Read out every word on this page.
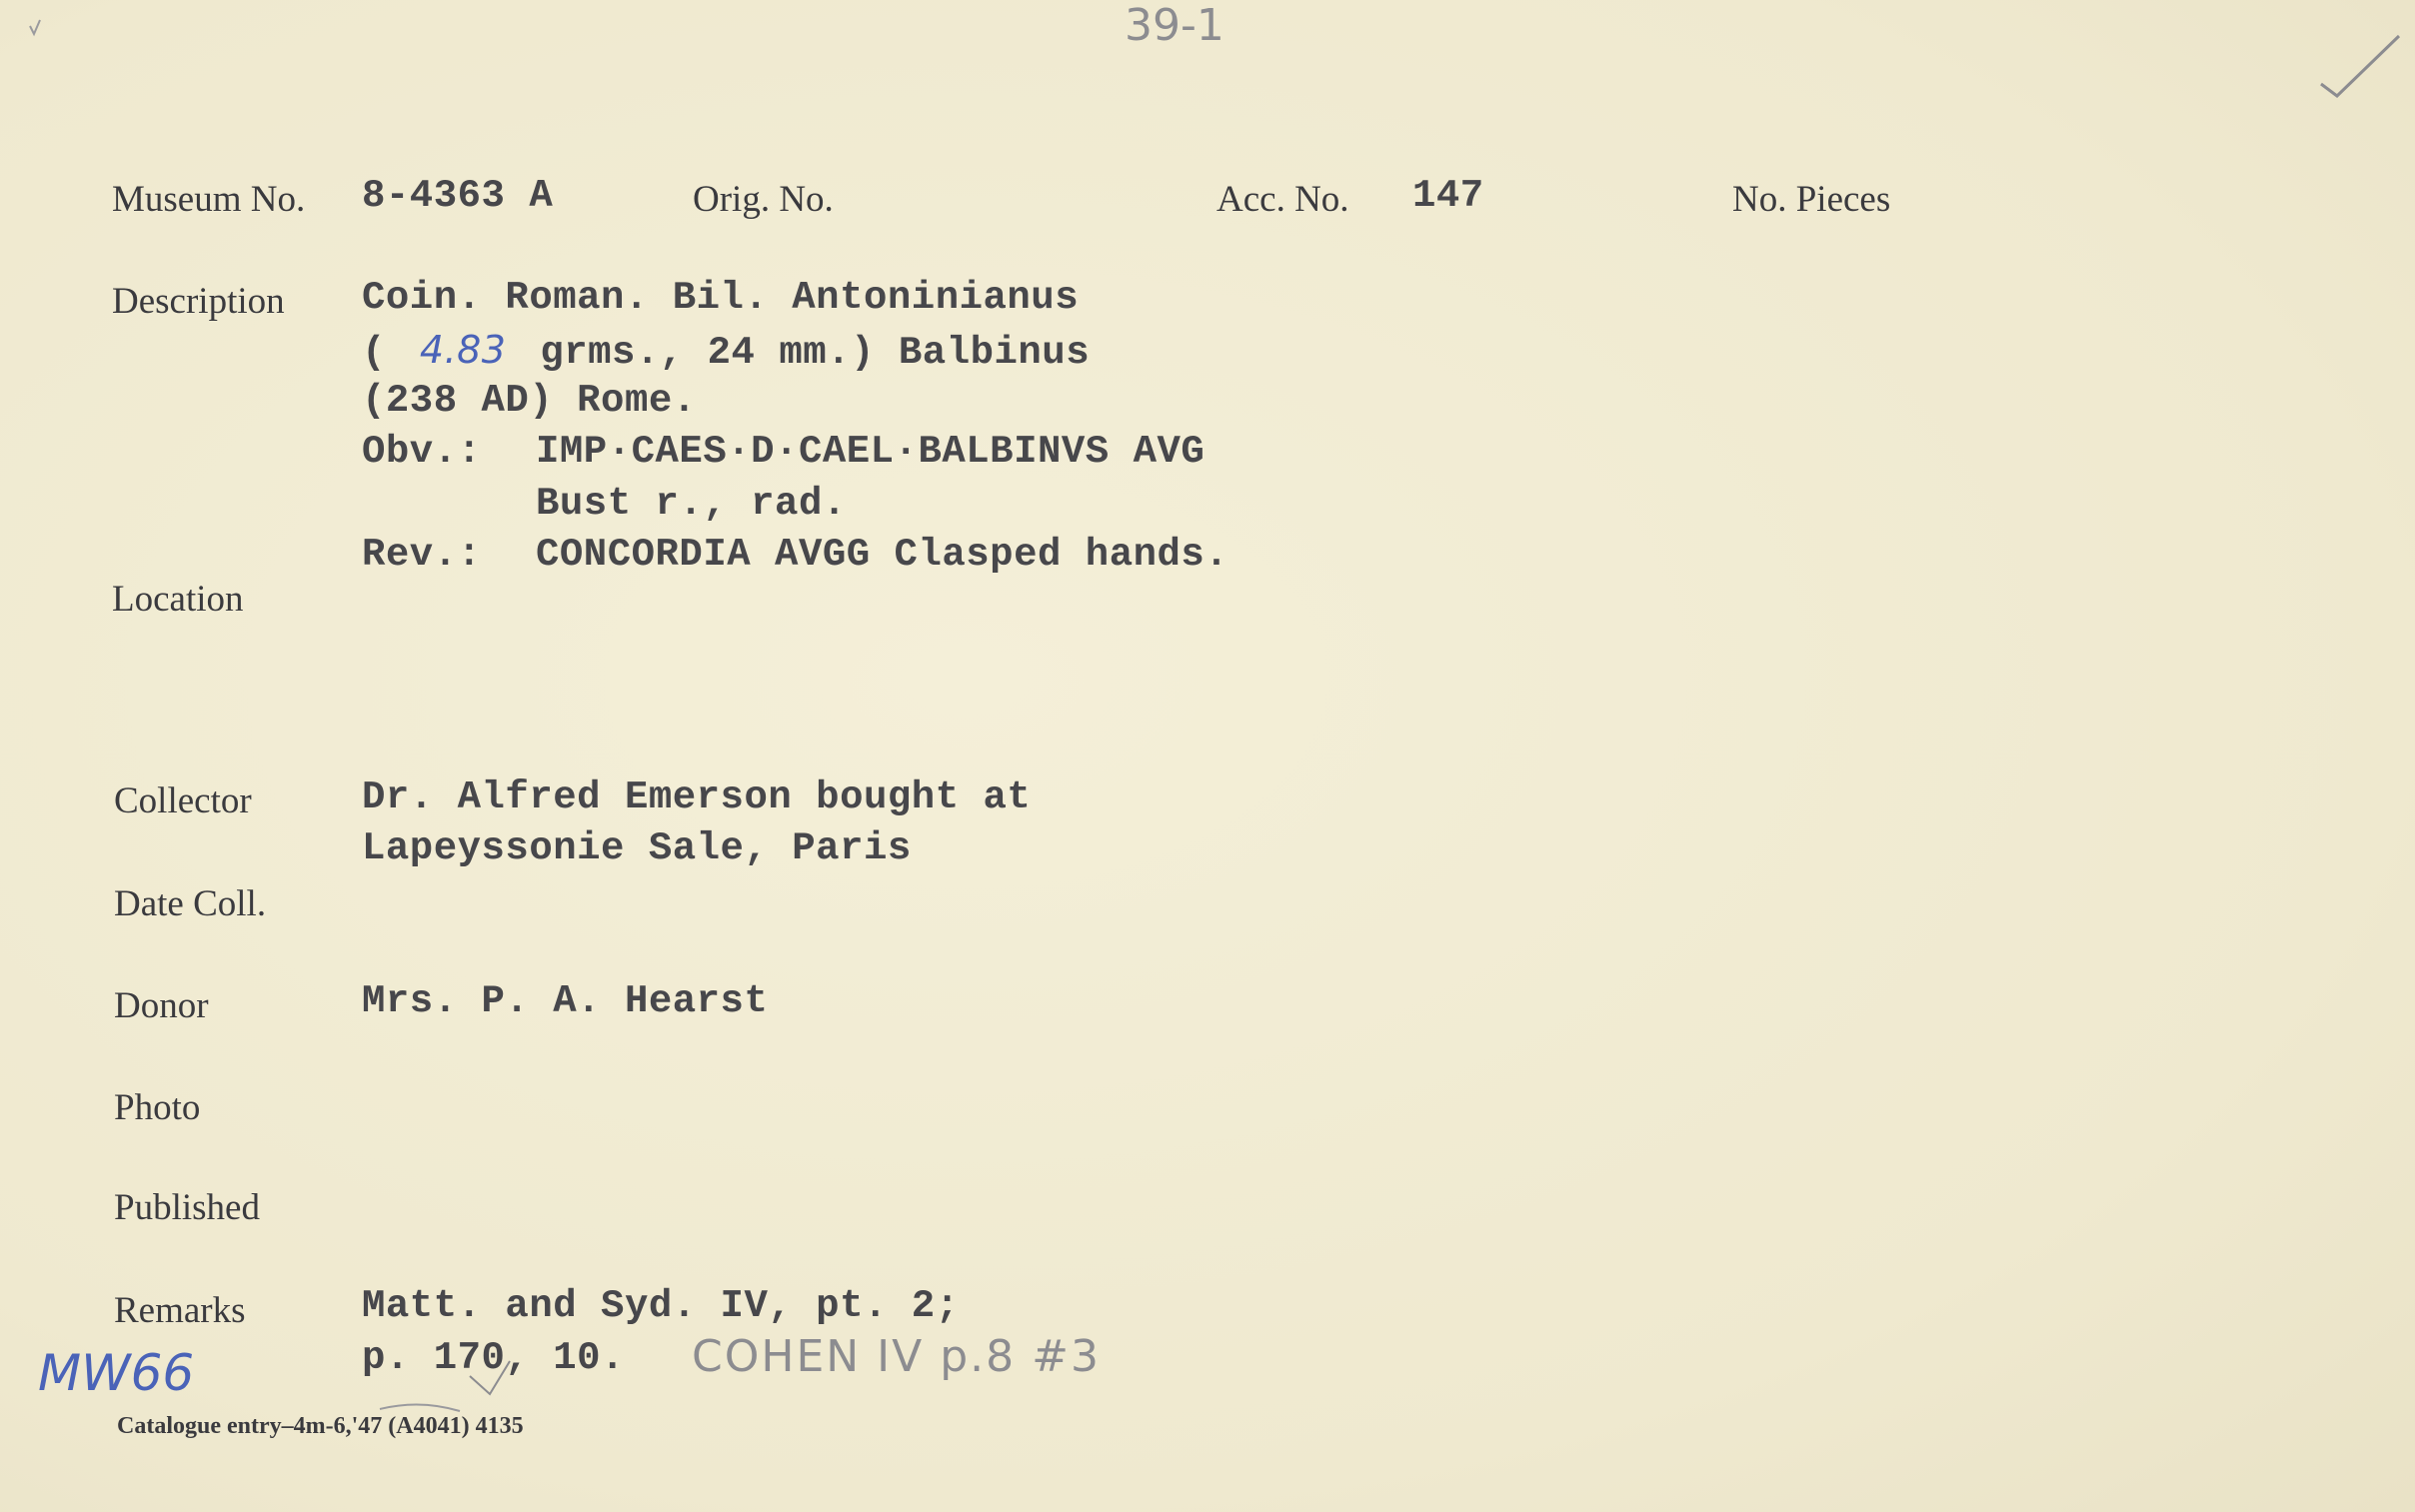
39-1
Museum No. 8-4363 A	Orig. No.	Acc. No. 147	No. Pieces
Description Coin. Roman. Bil. Antoninianus
( 4.83 grms., 24 mm.) Balbinus
(238 AD) Rome.
Obv.: IMP·CAES·D·CAEL·BALBINVS AVG
Bust r., rad.
Rev.: CONCORDIA AVGG Clasped hands.
Location
Collector	Dr. Alfred Emerson bought at
Lapeyssonie Sale, Paris
Date Coll.
Donor	Mrs. P. A. Hearst
Photo
Published
Remarks	Matt. and Syd. IV, pt. 2;
p. 170, 10. COHEN IV p.8 #3
MW66
Catalogue entry–4m-6,'47 (A4041) 4135
